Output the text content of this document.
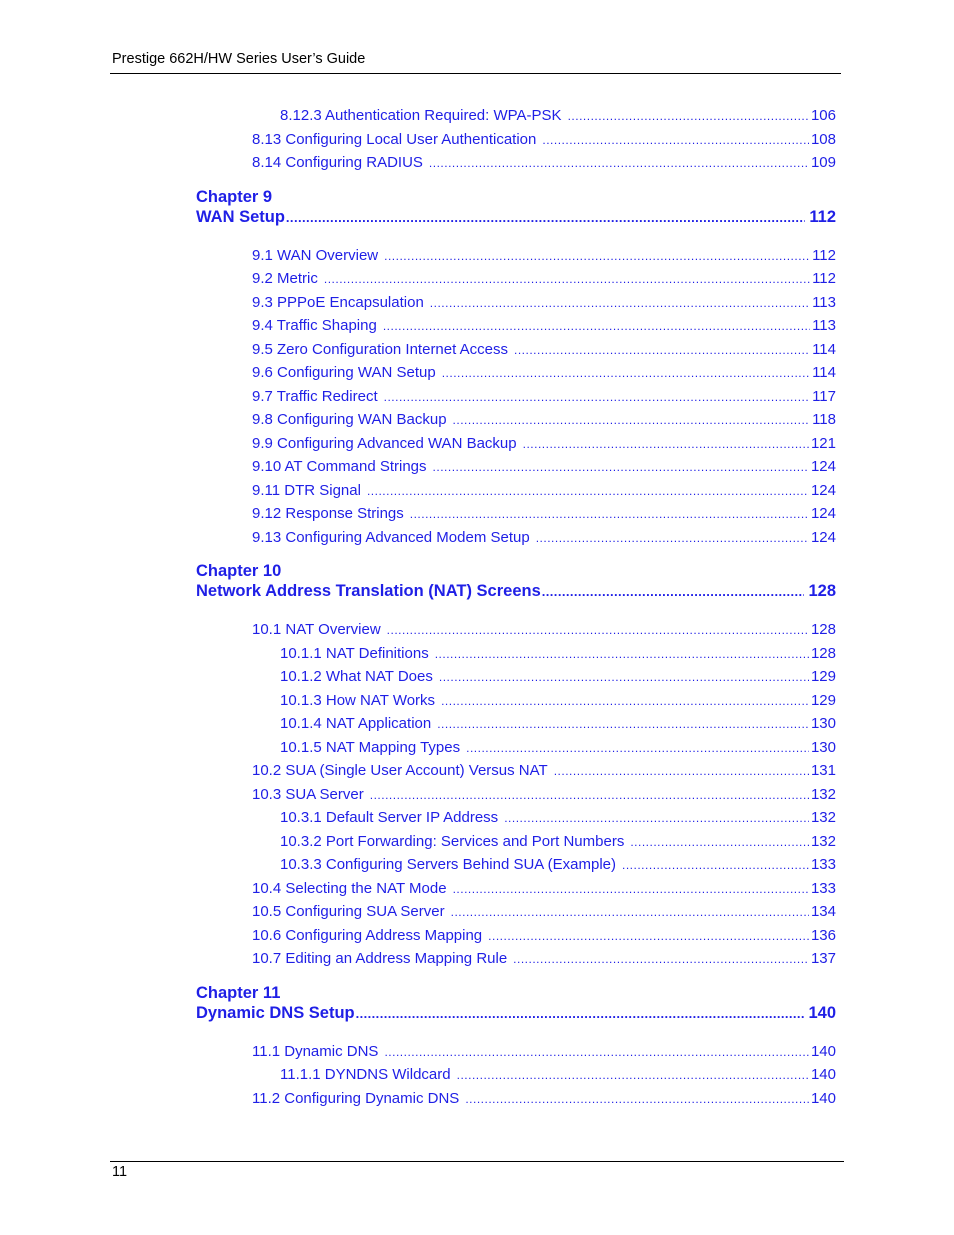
Prestige 662H/HW Series User’s Guide
8.12.3 Authentication Required: WPA-PSK .....	106
8.13 Configuring Local User Authentication .....	108
8.14 Configuring RADIUS .....	109
Chapter 9
WAN Setup .....	112
9.1 WAN Overview .....	112
9.2 Metric .....	112
9.3 PPPoE Encapsulation .....	113
9.4 Traffic Shaping .....	113
9.5 Zero Configuration Internet Access .....	114
9.6 Configuring WAN Setup .....	114
9.7 Traffic Redirect .....	117
9.8 Configuring WAN Backup .....	118
9.9 Configuring Advanced WAN Backup .....	121
9.10 AT Command Strings .....	124
9.11 DTR Signal .....	124
9.12 Response Strings .....	124
9.13 Configuring Advanced Modem Setup .....	124
Chapter 10
Network Address Translation (NAT) Screens .....	128
10.1 NAT Overview .....	128
10.1.1 NAT Definitions .....	128
10.1.2 What NAT Does .....	129
10.1.3 How NAT Works .....	129
10.1.4 NAT Application .....	130
10.1.5 NAT Mapping Types .....	130
10.2 SUA (Single User Account) Versus NAT .....	131
10.3 SUA Server .....	132
10.3.1 Default Server IP Address .....	132
10.3.2 Port Forwarding: Services and Port Numbers .....	132
10.3.3 Configuring Servers Behind SUA (Example) .....	133
10.4 Selecting the NAT Mode .....	133
10.5 Configuring SUA Server .....	134
10.6 Configuring Address Mapping .....	136
10.7 Editing an Address Mapping Rule .....	137
Chapter 11
Dynamic DNS Setup .....	140
11.1 Dynamic DNS .....	140
11.1.1 DYNDNS Wildcard .....	140
11.2 Configuring Dynamic DNS .....	140
11
